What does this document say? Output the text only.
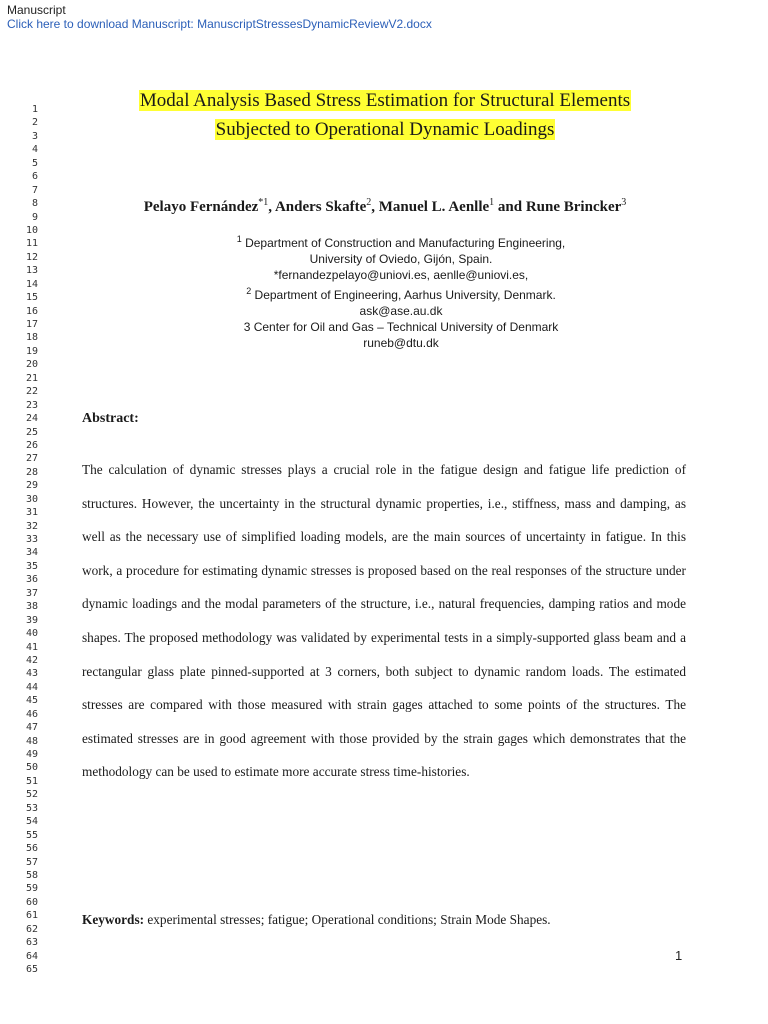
Manuscript
Click here to download Manuscript: ManuscriptStressesDynamicReviewV2.docx
1
2
3
4
5
6
7
8
9
10
11
12
13
14
15
16
17
18
19
20
21
22
23
24
25
26
27
28
29
30
31
32
33
34
35
36
37
38
39
40
41
42
43
44
45
46
47
48
49
50
51
52
53
54
55
56
57
58
59
60
61
62
63
64
65
Modal Analysis Based Stress Estimation for Structural Elements
Subjected to Operational Dynamic Loadings
Pelayo Fernández$^{*1}$, Anders Skafte$^2$, Manuel L. Aenlle$^1$ and Rune Brincker$^3$
$^1$ Department of Construction and Manufacturing Engineering,
University of Oviedo, Gijón, Spain.
*fernandezpelayo@uniovi.es, aenlle@uniovi.es,
$^2$ Department of Engineering, Aarhus University, Denmark.
ask@ase.au.dk
3 Center for Oil and Gas – Technical University of Denmark
runeb@dtu.dk
Abstract:

The calculation of dynamic stresses plays a crucial role in the fatigue design and fatigue life prediction of structures. However, the uncertainty in the structural dynamic properties, i.e., stiffness, mass and damping, as well as the necessary use of simplified loading models, are the main sources of uncertainty in fatigue. In this work, a procedure for estimating dynamic stresses is proposed based on the real responses of the structure under dynamic loadings and the modal parameters of the structure, i.e., natural frequencies, damping ratios and mode shapes. The proposed methodology was validated by experimental tests in a simply-supported glass beam and a rectangular glass plate pinned-supported at 3 corners, both subject to dynamic random loads. The estimated stresses are compared with those measured with strain gages attached to some points of the structures. The estimated stresses are in good agreement with those provided by the strain gages which demonstrates that the methodology can be used to estimate more accurate stress time-histories.

Keywords: experimental stresses; fatigue; Operational conditions; Strain Mode Shapes.
1
